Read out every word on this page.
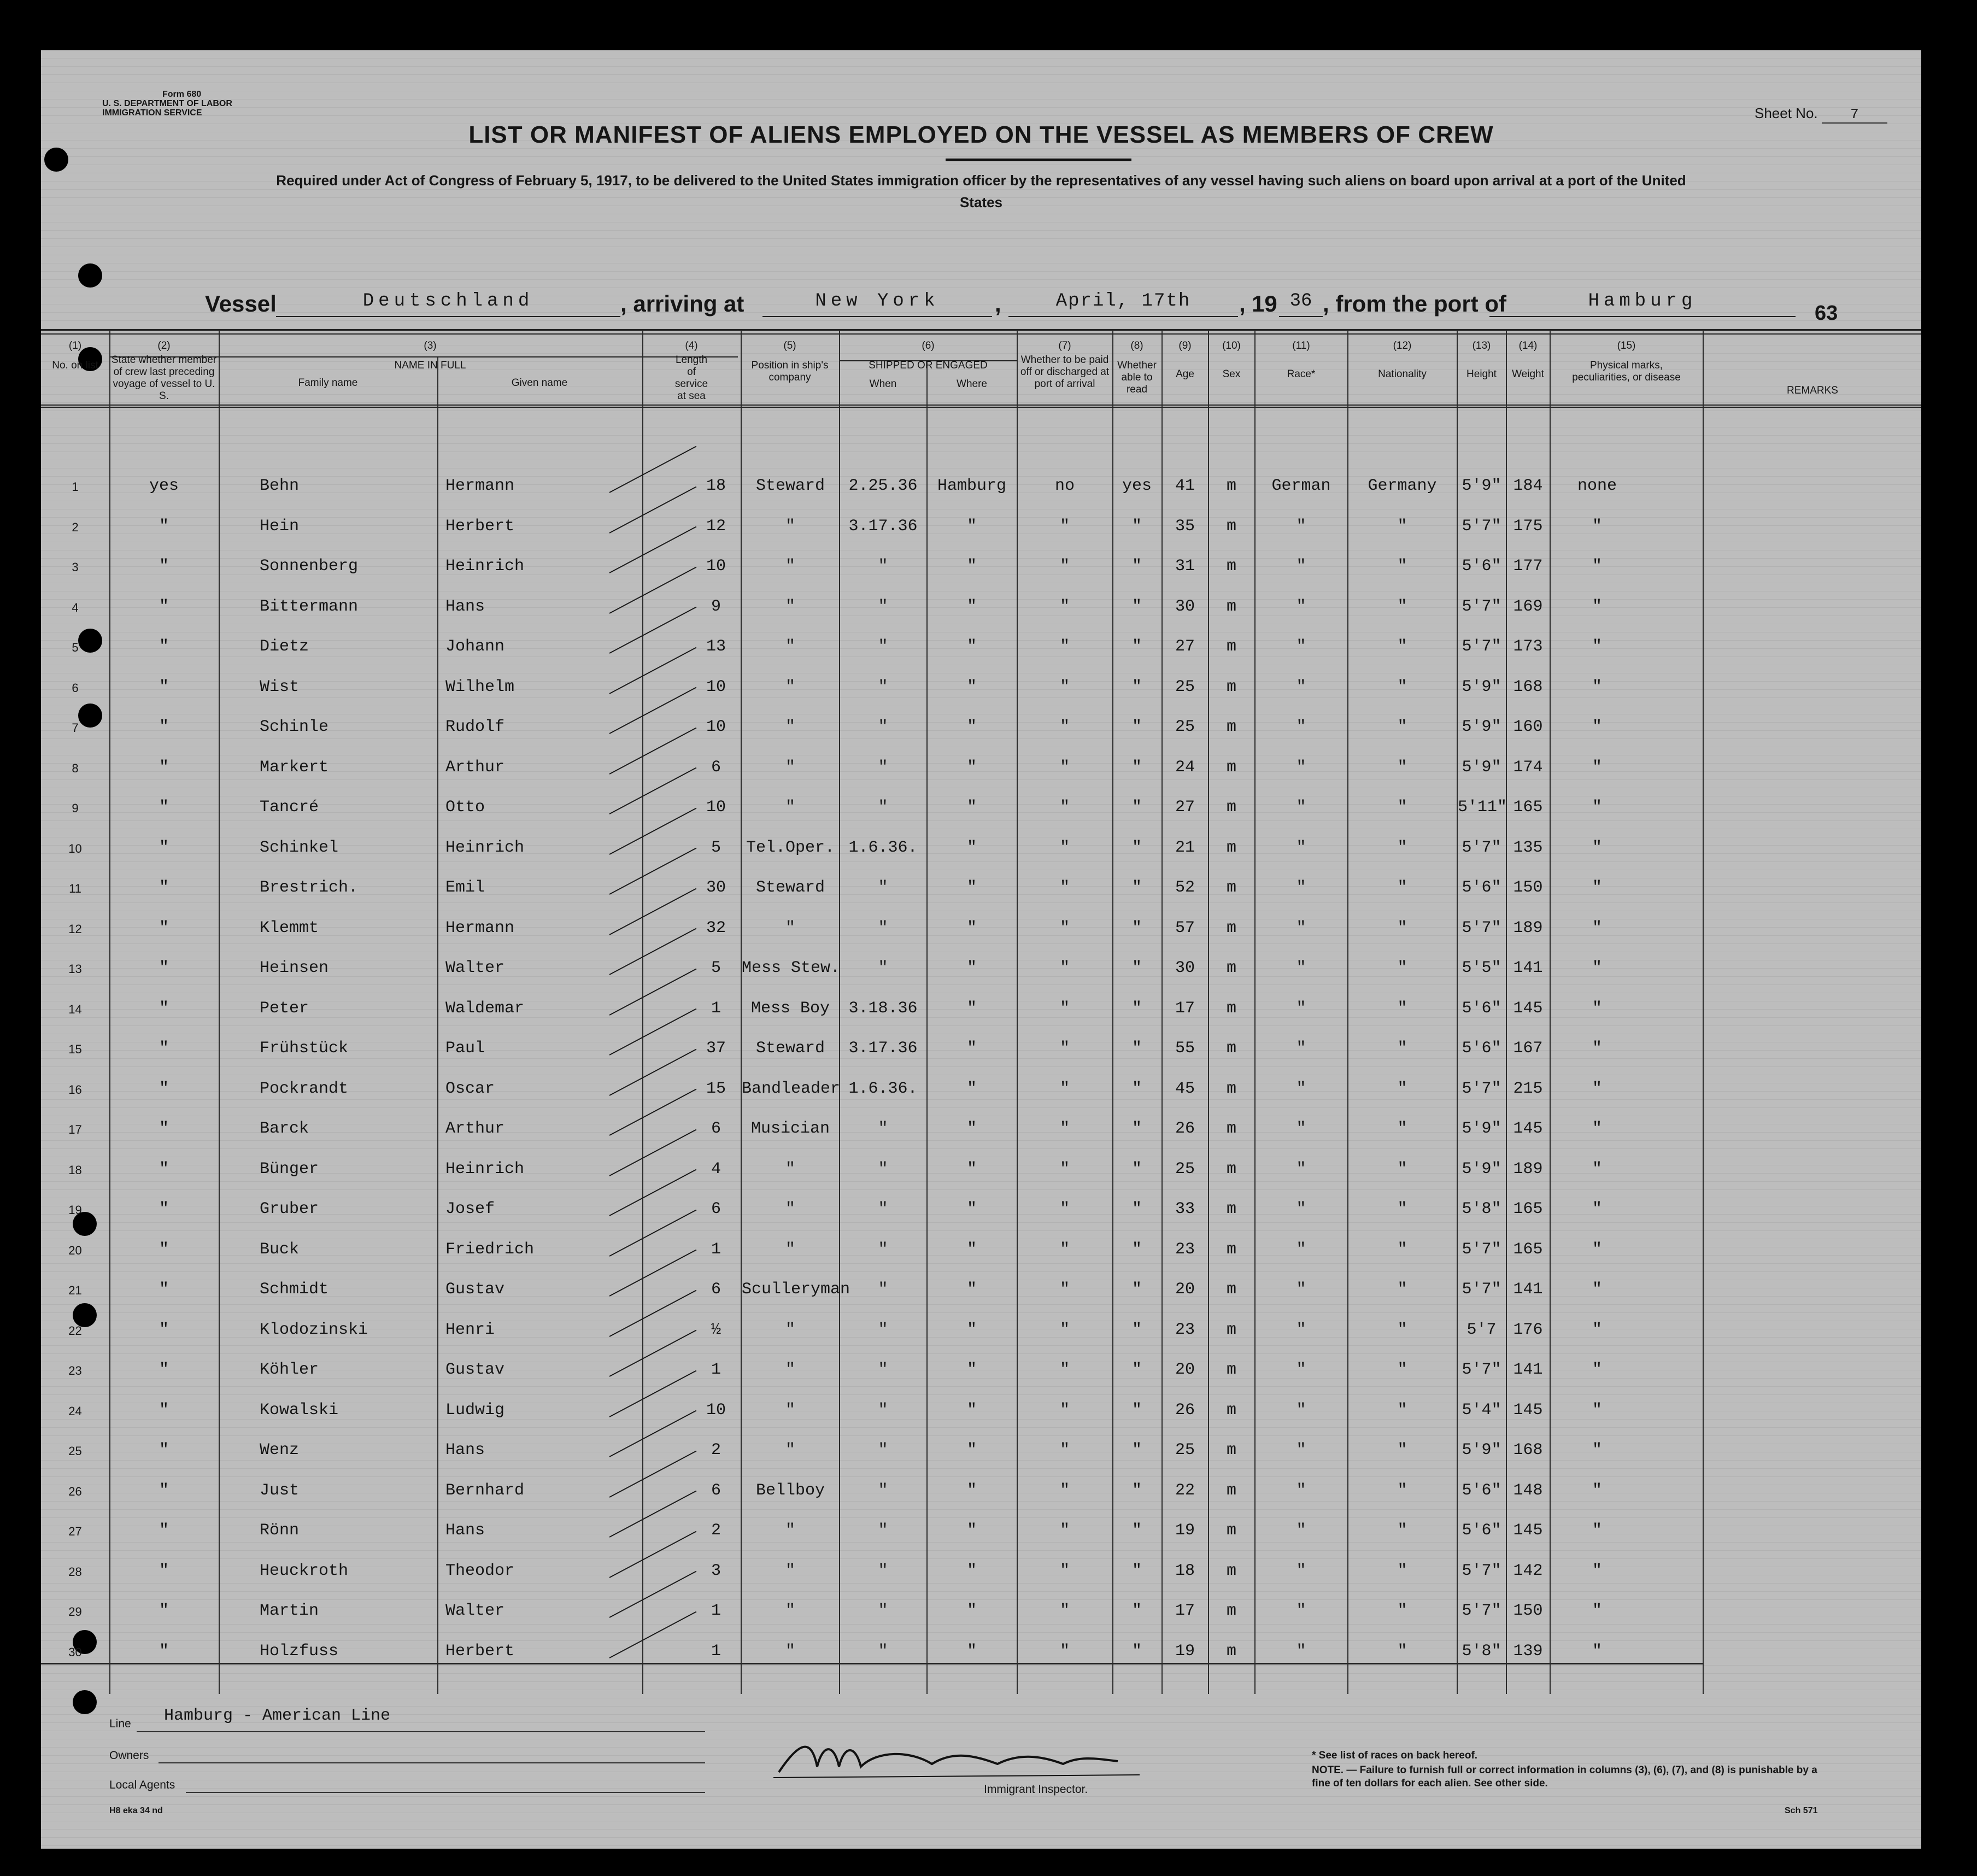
Form 680
U. S. DEPARTMENT OF LABOR
IMMIGRATION SERVICE	Sheet No. 7
LIST OR MANIFEST OF ALIENS EMPLOYED ON THE VESSEL AS MEMBERS OF CREW
Required under Act of Congress of February 5, 1917, to be delivered to the United States immigration officer by the representatives of any vessel having such aliens on board upon arrival at a port of the United States
Vessel	Deutschland	, arriving at	New York	,	April, 17th	, 19 36 , from the port of	Hamburg
63
(1)
No. on list
(2)
State whether member of crew last preceding voyage of vessel to U. S.
(3)
NAME IN FULL
Family name	Given name
(4)
Length of service at sea
(5)
Position in ship's company
(6)
SHIPPED OR ENGAGED
When	Where
(7)
Whether to be paid off or discharged at port of arrival
(8)
Whether able to read
(9)
Age
(10)
Sex
(11)
Race*
(12)
Nationality
(13)
Height
(14)
Weight
(15)
Physical marks, peculiarities, or disease
REMARKS
1	yes	Behn	Hermann	18	Steward	2.25.36	Hamburg	no	yes	41	m	German	Germany	5'9" 184	none
2	"	Hein	Herbert	12	"	3.17.36	"	"	"	35	m	"	"	5'7" 175	"
3	"	Sonnenberg	Heinrich	10	"	"	"	"	"	31	m	"	"	5'6" 177	"
4	"	Bittermann	Hans	9	"	"	"	"	"	30	m	"	"	5'7" 169	"
5	"	Dietz	Johann	13	"	"	"	"	"	27	m	"	"	5'7" 173	"
6	"	Wist	Wilhelm	10	"	"	"	"	"	25	m	"	"	5'9" 168	"
7	"	Schinle	Rudolf	10	"	"	"	"	"	25	m	"	"	5'9" 160	"
8	"	Markert	Arthur	6	"	"	"	"	"	24	m	"	"	5'9" 174	"
9	"	Tancré	Otto	10	"	"	"	"	"	27	m	"	"	5'11" 165	"
10	"	Schinkel	Heinrich	5	Tel.Oper. 1.6.36.	"	"	"	21	m	"	"	5'7" 135	"
11	"	Brestrich.	Emil	30	Steward	"	"	"	"	52	m	"	"	5'6" 150	"
12	"	Klemmt	Hermann	32	"	"	"	"	"	57	m	"	"	5'7" 189	"
13	"	Heinsen	Walter	5	Mess Stew.	"	"	"	"	30	m	"	"	5'5" 141	"
14	"	Peter	Waldemar	1	Mess Boy	3.18.36	"	"	"	17	m	"	"	5'6" 145	"
15	"	Frühstück	Paul	37	Steward	3.17.36	"	"	"	55	m	"	"	5'6" 167	"
16	"	Pockrandt	Oscar	15 Bandleader 1.6.36.	"	"	"	45	m	"	"	5'7" 215	"
17	"	Barck	Arthur	6	Musician	"	"	"	"	26	m	"	"	5'9" 145	"
18	"	Bünger	Heinrich	4	"	"	"	"	"	25	m	"	"	5'9" 189	"
19	"	Gruber	Josef	6	"	"	"	"	"	33	m	"	"	5'8" 165	"
20	"	Buck	Friedrich	1	"	"	"	"	"	23	m	"	"	5'7" 165	"
21	"	Schmidt	Gustav	6	Sculleryman	"	"	"	"	20	m	"	"	5'7" 141	"
22	"	Klodozinski	Henri	½	"	"	"	"	"	23	m	"	"	5'7	176	"
23	"	Köhler	Gustav	1	"	"	"	"	"	20	m	"	"	5'7" 141	"
24	"	Kowalski	Ludwig	10	"	"	"	"	"	26	m	"	"	5'4" 145	"
25	"	Wenz	Hans	2	"	"	"	"	"	25	m	"	"	5'9" 168	"
26	"	Just	Bernhard	6	Bellboy	"	"	"	"	22	m	"	"	5'6" 148	"
27	"	Rönn	Hans	2	"	"	"	"	"	19	m	"	"	5'6" 145	"
28	"	Heuckroth	Theodor	3	"	"	"	"	"	18	m	"	"	5'7" 142	"
29	"	Martin	Walter	1	"	"	"	"	"	17	m	"	"	5'7" 150	"
30	"	Holzfuss	Herbert	1	"	"	"	"	"	19	m	"	"	5'8" 139	"
Line Hamburg - American Line
Owners
Local Agents	Immigrant Inspector.
* See list of races on back hereof.
NOTE. — Failure to furnish full or correct information in columns (3), (6), (7), and (8) is punishable by a fine of ten dollars for each alien. See other side.
H8 eka 34 nd	Sch 571
